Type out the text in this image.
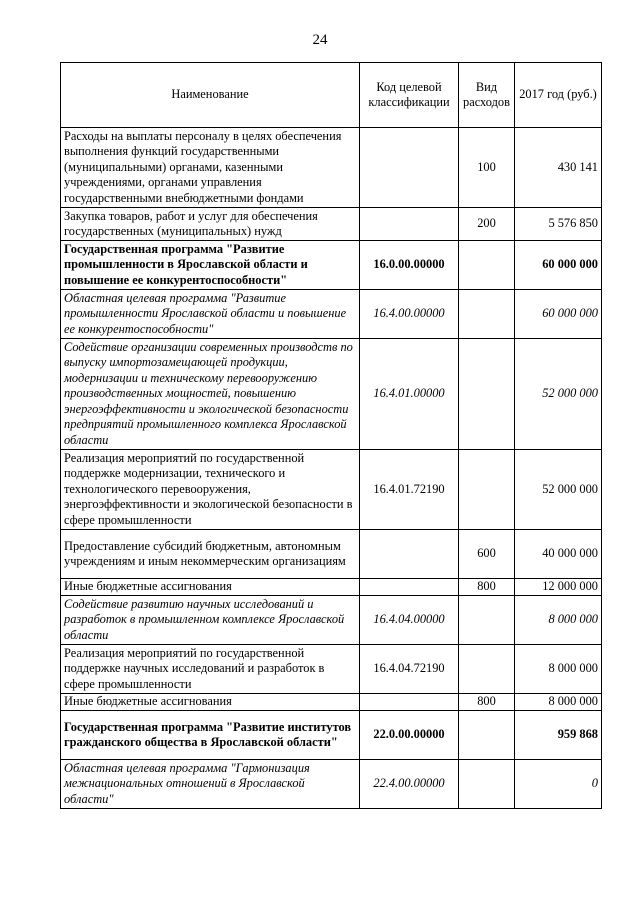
24
Наименование	Код целевой классификации	Вид расходов	2017 год (руб.)
Расходы на выплаты персоналу в целях обеспечения выполнения функций государственными (муниципальными) органами, казенными учреждениями, органами управления государственными внебюджетными фондами		100	430 141
Закупка товаров, работ и услуг для обеспечения государственных (муниципальных) нужд		200	5 576 850
Государственная программа "Развитие промышленности в Ярославской области и повышение ее конкурентоспособности"	16.0.00.00000		60 000 000
Областная целевая программа "Развитие промышленности Ярославской области и повышение ее конкурентоспособности"	16.4.00.00000		60 000 000
Содействие организации современных производств по выпуску импортозамещающей продукции, модернизации и техническому перевооружению производственных мощностей, повышению энергоэффективности и экологической безопасности предприятий промышленного комплекса Ярославской области	16.4.01.00000		52 000 000
Реализация мероприятий по государственной поддержке модернизации, технического и технологического перевооружения, энергоэффективности и экологической безопасности в сфере промышленности	16.4.01.72190		52 000 000
Предоставление субсидий бюджетным, автономным учреждениям и иным некоммерческим организациям		600	40 000 000
Иные бюджетные ассигнования		800	12 000 000
Содействие развитию научных исследований и разработок в промышленном комплексе Ярославской области	16.4.04.00000		8 000 000
Реализация мероприятий по государственной поддержке научных исследований и разработок в сфере промышленности	16.4.04.72190		8 000 000
Иные бюджетные ассигнования		800	8 000 000
Государственная программа "Развитие институтов гражданского общества в Ярославской области"	22.0.00.00000		959 868
Областная целевая программа "Гармонизация межнациональных отношений в Ярославской области"	22.4.00.00000		0
